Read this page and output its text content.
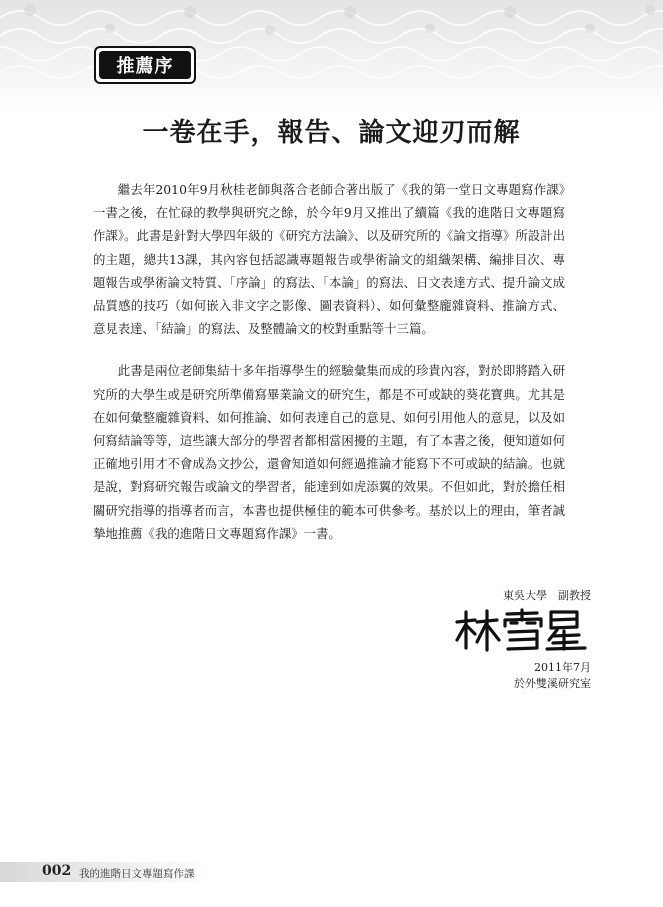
推薦序
一卷在手，報告、論文迎刃而解

繼去年2010年9月秋桂老師與落合老師合著出版了《我的第一堂日文專題寫作課》一書之後，在忙碌的教學與研究之餘，於今年9月又推出了續篇《我的進階日文專題寫作課》。此書是針對大學四年級的《研究方法論》、以及研究所的《論文指導》所設計出的主題，總共13課，其內容包括認識專題報告或學術論文的組織架構、編排目次、專題報告或學術論文特質、「序論」的寫法、「本論」的寫法、日文表達方式、提升論文成品質感的技巧（如何嵌入非文字之影像、圖表資料）、如何彙整龐雜資料、推論方式、意見表達、「結論」的寫法、及整體論文的校對重點等十三篇。

此書是兩位老師集結十多年指導學生的經驗彙集而成的珍貴內容，對於即將踏入研究所的大學生或是研究所準備寫畢業論文的研究生，都是不可或缺的葵花寶典。尤其是在如何彙整龐雜資料、如何推論、如何表達自己的意見、如何引用他人的意見，以及如何寫結論等等，這些讓大部分的學習者都相當困擾的主題，有了本書之後，便知道如何正確地引用才不會成為文抄公，還會知道如何經過推論才能寫下不可或缺的結論。也就是說，對寫研究報告或論文的學習者，能達到如虎添翼的效果。不但如此，對於擔任相關研究指導的指導者而言，本書也提供極佳的範本可供參考。基於以上的理由，筆者誠摯地推薦《我的進階日文專題寫作課》一書。

東吳大學　副教授
2011年7月
於外雙溪研究室
002 我的進階日文專題寫作課
